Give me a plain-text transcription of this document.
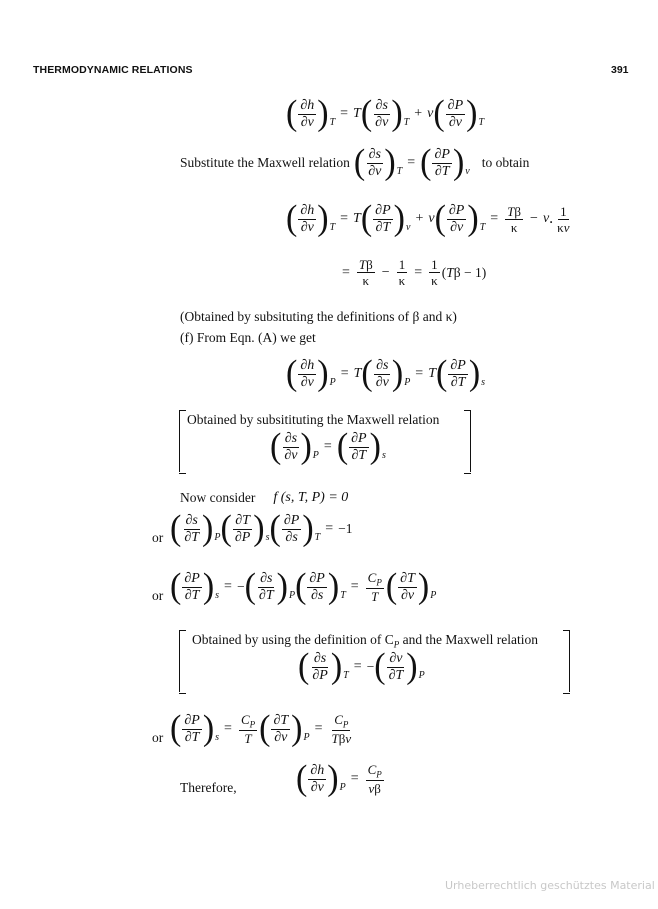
THERMODYNAMIC RELATIONS	391
( $\frac{\partial h}{\partial v}$ ) T
= T ( $\frac{\partial s}{\partial v}$ ) T
+ v ( $\frac{\partial P}{\partial v}$ ) T
Substitute the Maxwell relation ( $\frac{\partial s}{\partial v}$ ) T
= ( $\frac{\partial P}{\partial T}$ ) v
to obtain
( $\frac{\partial h}{\partial v}$ ) T
= T ( $\frac{\partial P}{\partial T}$ ) v
+ v ( $\frac{\partial P}{\partial v}$ ) T
= $\frac{T\beta}{\kappa} - v$ . $\frac{1}{\kappa v}$
= $\frac{T\beta}{\kappa} - \frac{1}{\kappa} = \frac{1}{\kappa} (T\beta - 1)$
(Obtained by subsituting the definitions of β and κ)
(f) From Eqn. (A) we get
( $\frac{\partial h}{\partial v}$ ) P
= T ( $\frac{\partial s}{\partial v}$ ) P
= T ( $\frac{\partial P}{\partial T}$ ) s
Obtained by subsitituting the Maxwell relation
( $\frac{\partial s}{\partial v}$ ) P
= ( $\frac{\partial P}{\partial T}$ ) s
Now consider f (s, T, P) = 0
or ( $\frac{\partial s}{\partial T}$ ) P ( $\frac{\partial T}{\partial P}$ ) s ( $\frac{\partial P}{\partial s}$ ) T
= −1
or ( $\frac{\partial P}{\partial T}$ ) s
= − ( $\frac{\partial s}{\partial T}$ ) P ( $\frac{\partial P}{\partial s}$ ) T
= $\frac{C_P}{T}$ ( $\frac{\partial T}{\partial v}$ ) P
Obtained by using the definition of $C_P$ and the Maxwell relation
( $\frac{\partial s}{\partial P}$ ) T
= − ( $\frac{\partial v}{\partial T}$ ) P
or ( $\frac{\partial P}{\partial T}$ ) s
= $\frac{C_P}{T}$ ( $\frac{\partial T}{\partial v}$ ) P
= $\frac{C_P}{\text{Tβv}}$
Therefore, ( $\frac{\partial h}{\partial v}$ ) P
= $\frac{C_P}{v\beta}$
Urheberrechtlich geschütztes Material
